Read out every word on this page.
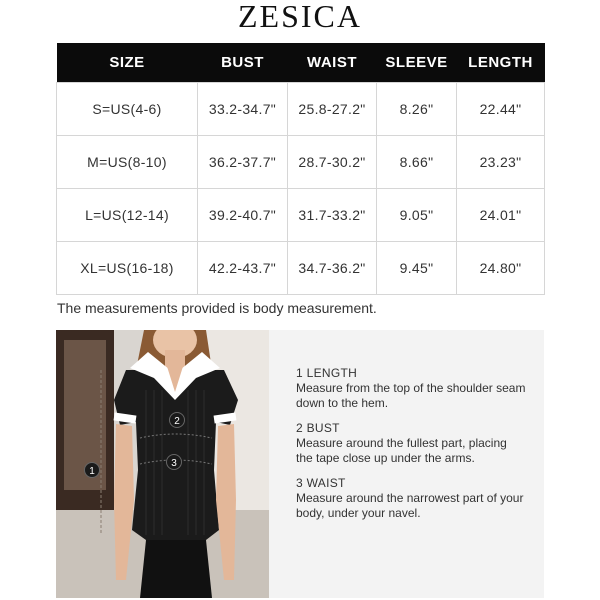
ZESICA
SIZE	BUST	WAIST	SLEEVE	LENGTH
S=US(4-6)	33.2-34.7"	25.8-27.2"	8.26"	22.44"
M=US(8-10)	36.2-37.7"	28.7-30.2"	8.66"	23.23"
L=US(12-14)	39.2-40.7"	31.7-33.2"	9.05"	24.01"
XL=US(16-18)	42.2-43.7"	34.7-36.2"	9.45"	24.80"
The measurements provided is body measurement.
1
2
3
1 LENGTH
Measure from the top of the shoulder seam down to the hem.
2 BUST
Measure around the fullest part, placing the tape close up under the arms.
3 WAIST
Measure around the narrowest part of your body, under your navel.
